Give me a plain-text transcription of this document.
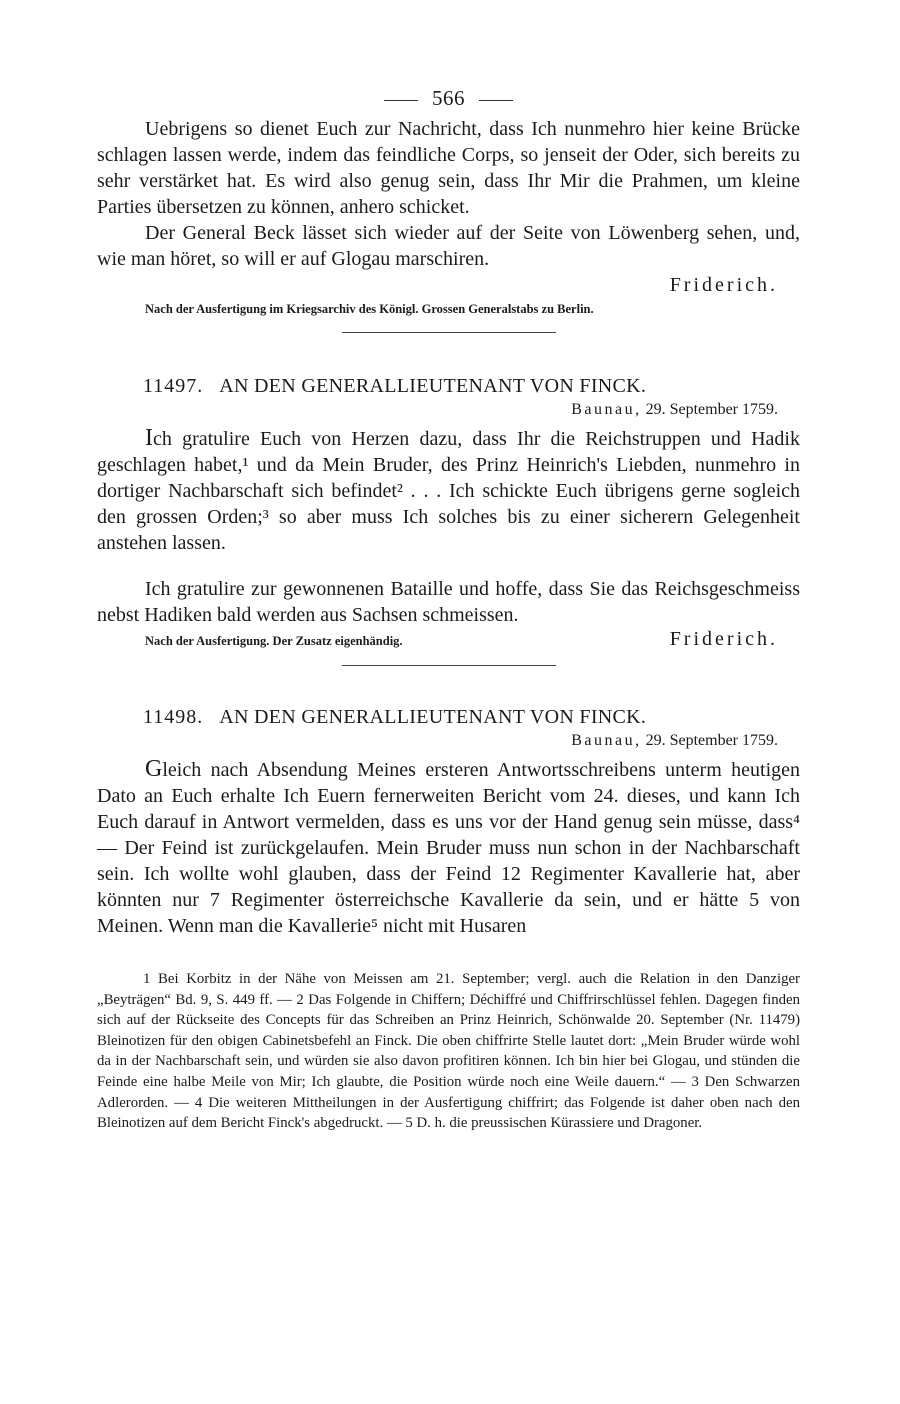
566

Uebrigens so dienet Euch zur Nachricht, dass Ich nunmehro hier keine Brücke schlagen lassen werde, indem das feindliche Corps, so jenseit der Oder, sich bereits zu sehr verstärket hat. Es wird also genug sein, dass Ihr Mir die Prahmen, um kleine Parties übersetzen zu können, anhero schicket.

Der General Beck lässet sich wieder auf der Seite von Löwenberg sehen, und, wie man höret, so will er auf Glogau marschiren.

Friderich.

Nach der Ausfertigung im Kriegsarchiv des Königl. Grossen Generalstabs zu Berlin.

11497. AN DEN GENERALLIEUTENANT VON FINCK.
Baunau, 29. September 1759.

Ich gratulire Euch von Herzen dazu, dass Ihr die Reichstruppen und Hadik geschlagen habet,¹ und da Mein Bruder, des Prinz Heinrich's Liebden, nunmehro in dortiger Nachbarschaft sich befindet² . . . Ich schickte Euch übrigens gerne sogleich den grossen Orden;³ so aber muss Ich solches bis zu einer sicherern Gelegenheit anstehen lassen.

Ich gratulire zur gewonnenen Bataille und hoffe, dass Sie das Reichsgeschmeiss nebst Hadiken bald werden aus Sachsen schmeissen.

Nach der Ausfertigung. Der Zusatz eigenhändig.	Friderich.
11498. AN DEN GENERALLIEUTENANT VON FINCK.
Baunau, 29. September 1759.

Gleich nach Absendung Meines ersteren Antwortsschreibens unterm heutigen Dato an Euch erhalte Ich Euern fernerweiten Bericht vom 24. dieses, und kann Ich Euch darauf in Antwort vermelden, dass es uns vor der Hand genug sein müsse, dass⁴ — Der Feind ist zurückgelaufen. Mein Bruder muss nun schon in der Nachbarschaft sein. Ich wollte wohl glauben, dass der Feind 12 Regimenter Kavallerie hat, aber könnten nur 7 Regimenter österreichsche Kavallerie da sein, und er hätte 5 von Meinen. Wenn man die Kavallerie⁵ nicht mit Husaren

1 Bei Korbitz in der Nähe von Meissen am 21. September; vergl. auch die Relation in den Danziger „Beyträgen“ Bd. 9, S. 449 ff. — 2 Das Folgende in Chiffern; Déchiffré und Chiffrirschlüssel fehlen. Dagegen finden sich auf der Rückseite des Concepts für das Schreiben an Prinz Heinrich, Schönwalde 20. September (Nr. 11479) Bleinotizen für den obigen Cabinetsbefehl an Finck. Die oben chiffrirte Stelle lautet dort: „Mein Bruder würde wohl da in der Nachbarschaft sein, und würden sie also davon profitiren können. Ich bin hier bei Glogau, und stünden die Feinde eine halbe Meile von Mir; Ich glaubte, die Position würde noch eine Weile dauern.“ — 3 Den Schwarzen Adlerorden. — 4 Die weiteren Mittheilungen in der Ausfertigung chiffrirt; das Folgende ist daher oben nach den Bleinotizen auf dem Bericht Finck's abgedruckt. — 5 D. h. die preussischen Kürassiere und Dragoner.
